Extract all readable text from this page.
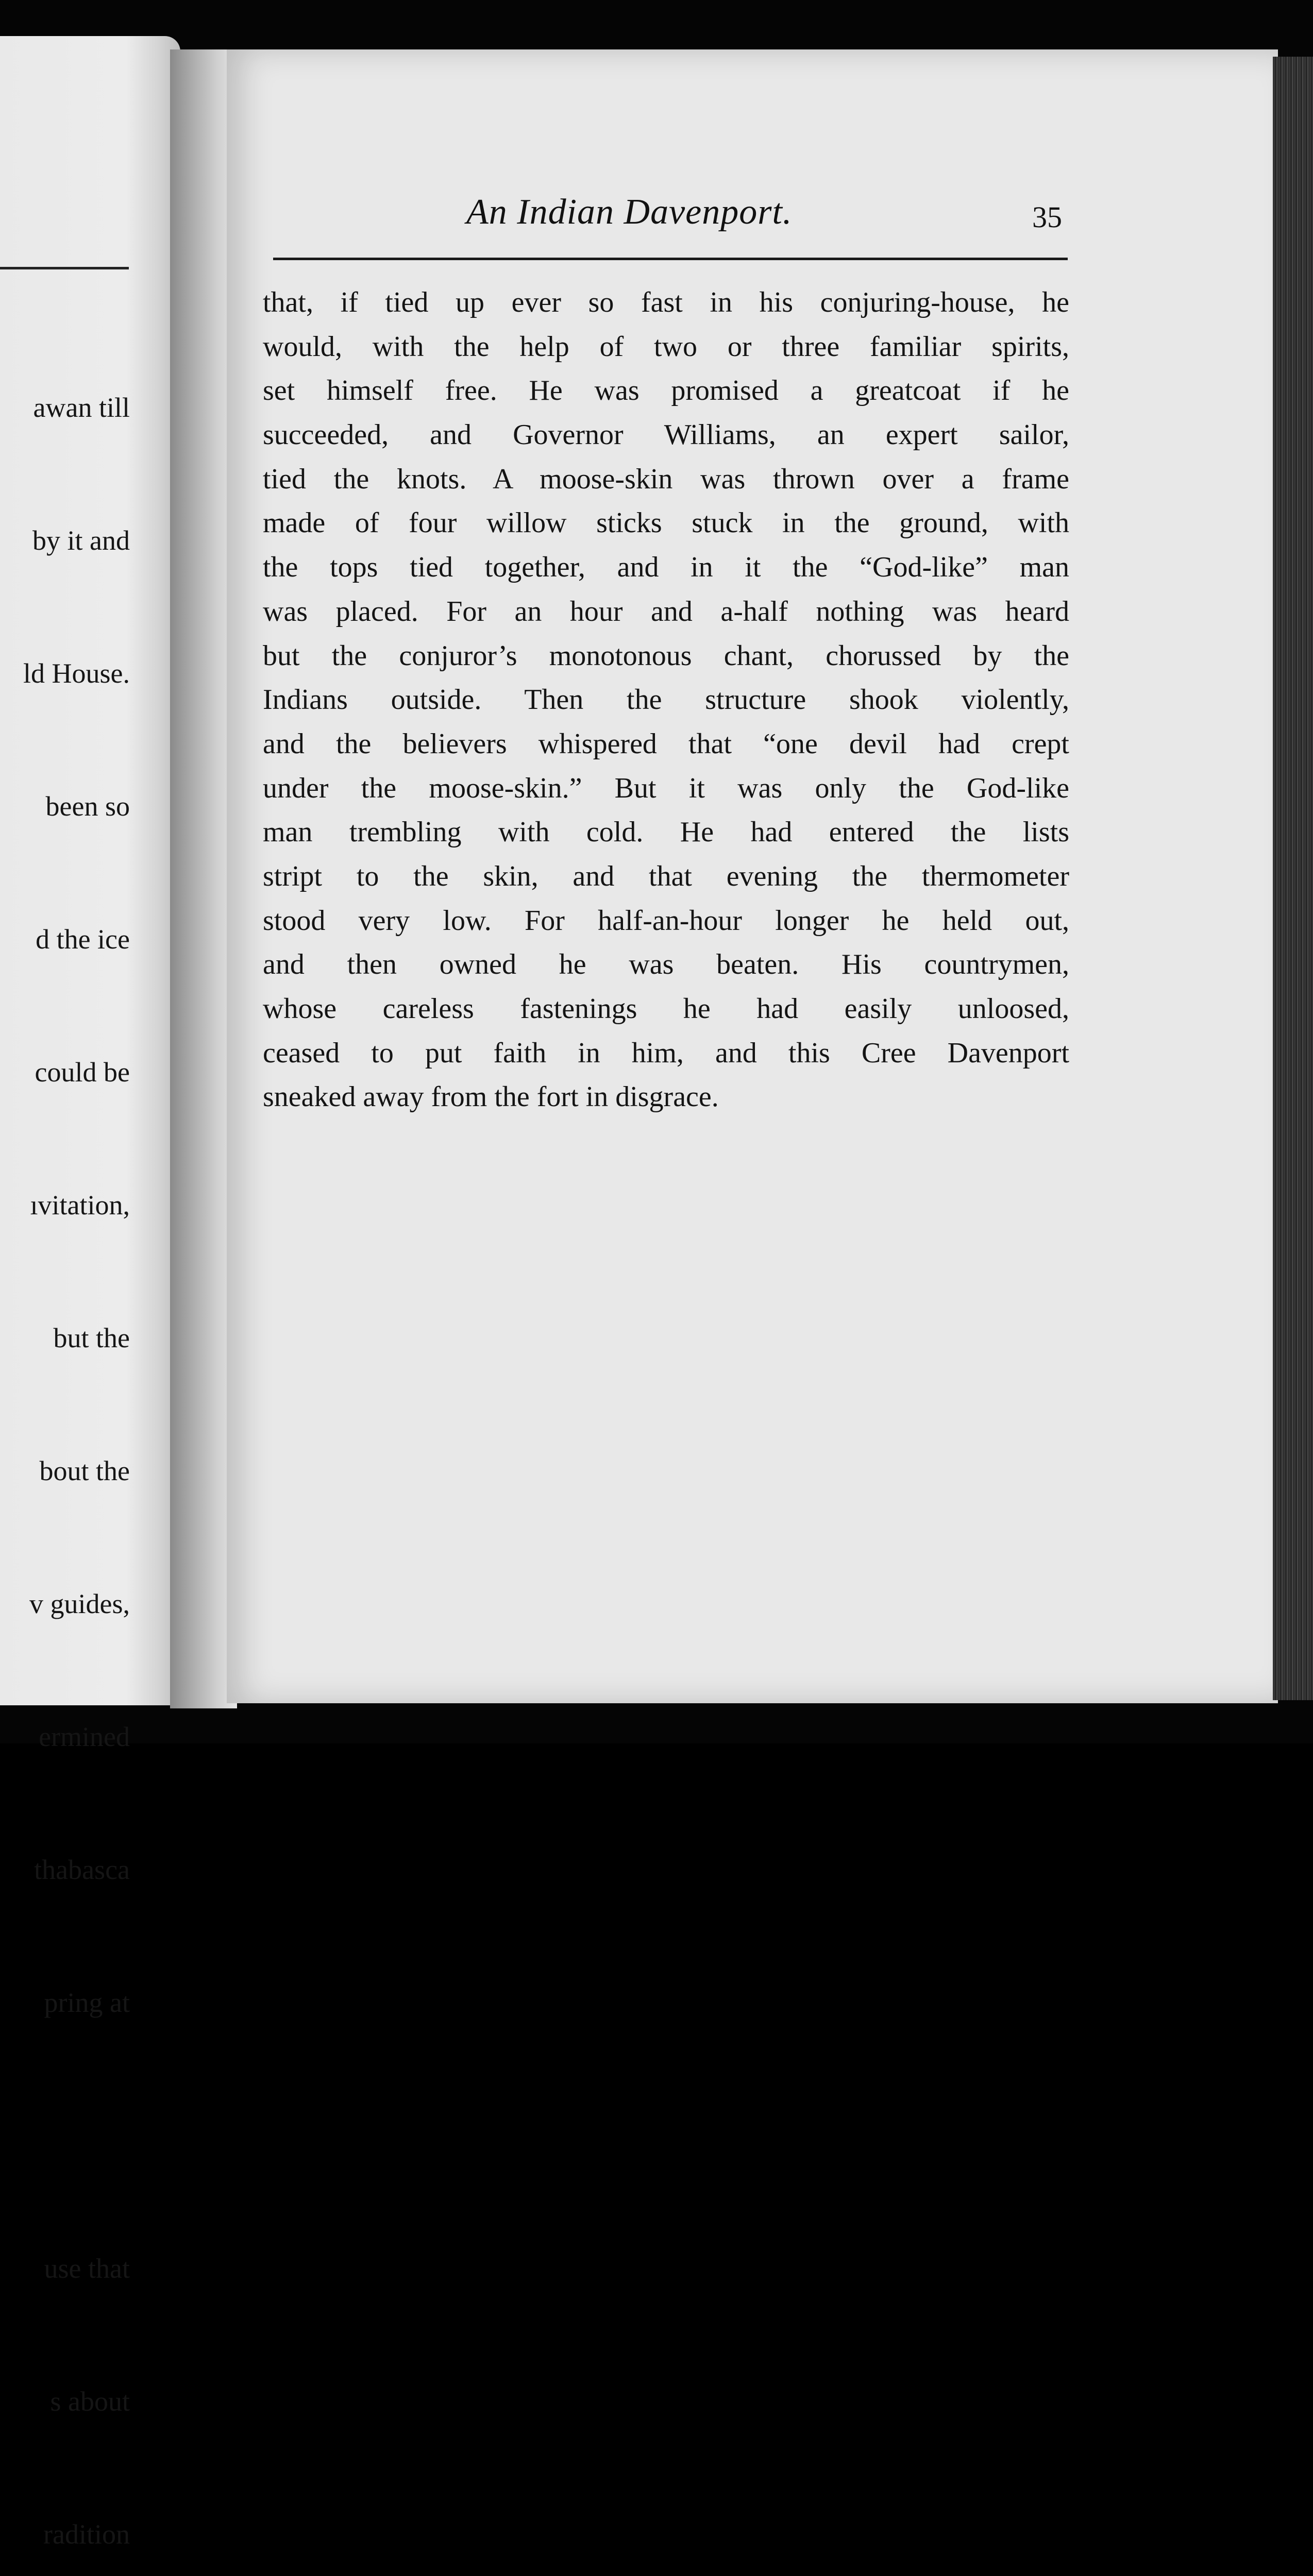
awan till

by it and

ld House.

been so

d the ice

could be

ıvitation,

but the

bout the

v guides,

ermined

thabasca

pring at

use that

s about

radition

An Indian Davenport.	35
that, if tied up ever so fast in his conjuring-house, he
would, with the help of two or three familiar spirits,
set himself free. He was promised a greatcoat if he
succeeded, and Governor Williams, an expert sailor,
tied the knots. A moose-skin was thrown over a frame
made of four willow sticks stuck in the ground, with
the tops tied together, and in it the “God-like” man
was placed. For an hour and a-half nothing was heard
but the conjuror’s monotonous chant, chorussed by the
Indians outside. Then the structure shook violently,
and the believers whispered that “one devil had crept
under the moose-skin.” But it was only the God-like
man trembling with cold. He had entered the lists
stript to the skin, and that evening the thermometer
stood very low. For half-an-hour longer he held out,
and then owned he was beaten. His countrymen,
whose careless fastenings he had easily unloosed,
ceased to put faith in him, and this Cree Davenport
sneaked away from the fort in disgrace.
